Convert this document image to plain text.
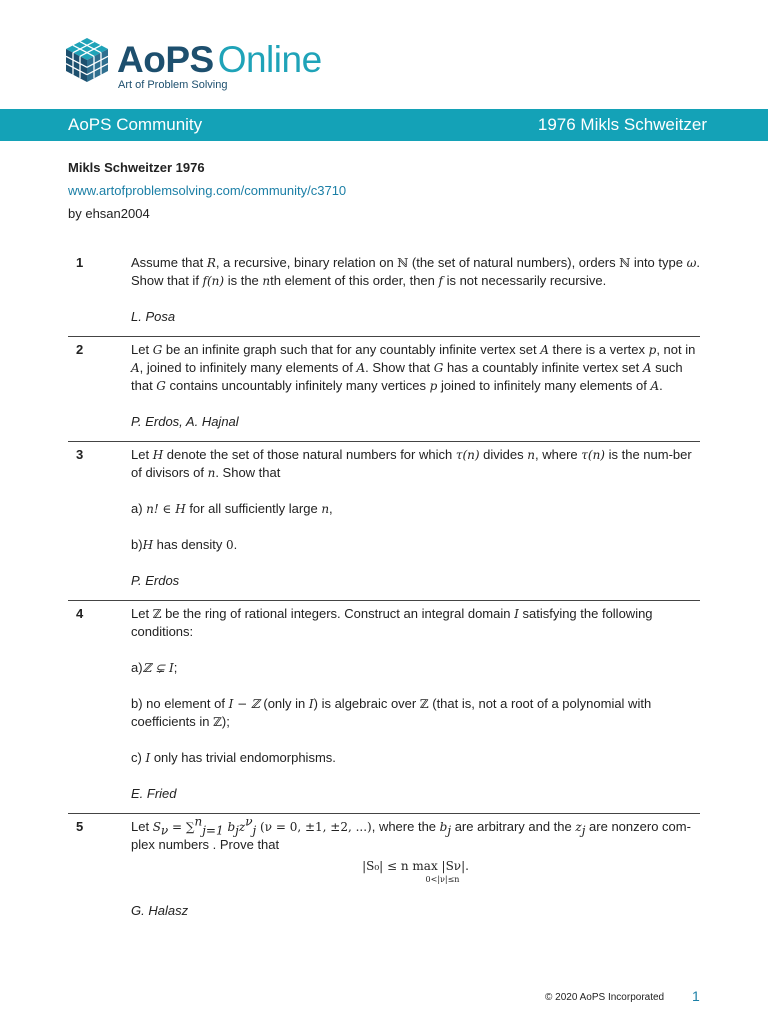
AoPS Online
Art of Problem Solving
AoPS Community	1976 Mikls Schweitzer
Mikls Schweitzer 1976
www.artofproblemsolving.com/community/c3710
by ehsan2004
1	Assume that R, a recursive, binary relation on ℕ (the set of natural numbers), orders ℕ into type ω. Show that if f(n) is the nth element of this order, then f is not necessarily recursive.

L. Posa

2	Let G be an infinite graph such that for any countably infinite vertex set A there is a vertex p, not in A, joined to infinitely many elements of A. Show that G has a countably infinite vertex set A such that G contains uncountably infinitely many vertices p joined to infinitely many elements of A.

P. Erdos, A. Hajnal

3	Let H denote the set of those natural numbers for which τ(n) divides n, where τ(n) is the num-ber of divisors of n. Show that

a) n! ∈ H for all sufficiently large n,

b)H has density 0.

P. Erdos

4	Let ℤ be the ring of rational integers. Construct an integral domain I satisfying the following conditions:

a)ℤ ⊊ I;

b) no element of I − ℤ (only in I) is algebraic over ℤ (that is, not a root of a polynomial with coefficients in ℤ);

c) I only has trivial endomorphisms.

E. Fried

5	Let $S_\nu = \sum^n_{j=1}$ $b_jz^\nu_j$ (ν = 0, ±1, ±2, ...), where the $b_j$ are arbitrary and the $z_j$ are nonzero com-plex numbers . Prove that

|S₀| ≤ n max |Sν|.
0<|ν|≤n

G. Halasz

© 2020 AoPS Incorporated 1
